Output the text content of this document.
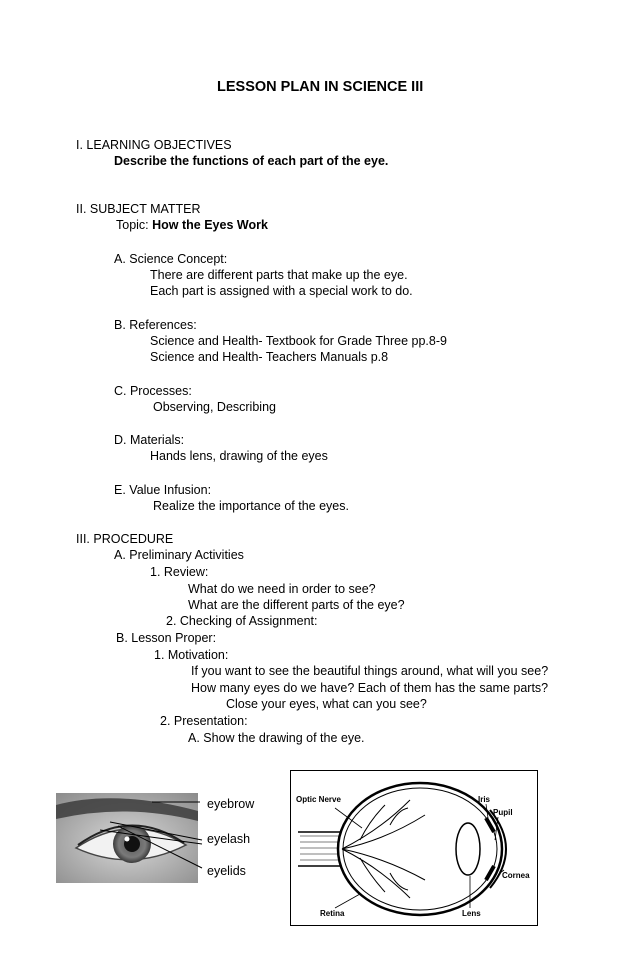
LESSON PLAN IN SCIENCE III
I. LEARNING OBJECTIVES
Describe the functions of each part of the eye.
II. SUBJECT MATTER
Topic: How the Eyes Work
A. Science Concept:
There are different parts that make up the eye.
Each part is assigned with a special work to do.
B. References:
Science and Health- Textbook for Grade Three pp.8-9
Science and Health- Teachers Manuals p.8
C. Processes:
Observing, Describing
D. Materials:
Hands lens, drawing of the eyes
E. Value Infusion:
Realize the importance of the eyes.
III. PROCEDURE
A. Preliminary Activities
1. Review:
What do we need in order to see?
What are the different parts of the eye?
2. Checking of Assignment:
B. Lesson Proper:
1. Motivation:
If you want to see the beautiful things around, what will you see?
How many eyes do we have? Each of them has the same parts?
Close your eyes, what can you see?
2. Presentation:
A. Show the drawing of the eye.
eyebrow
eyelash
eyelids
Optic Nerve	Iris
Pupil
Cornea
Retina	Lens
